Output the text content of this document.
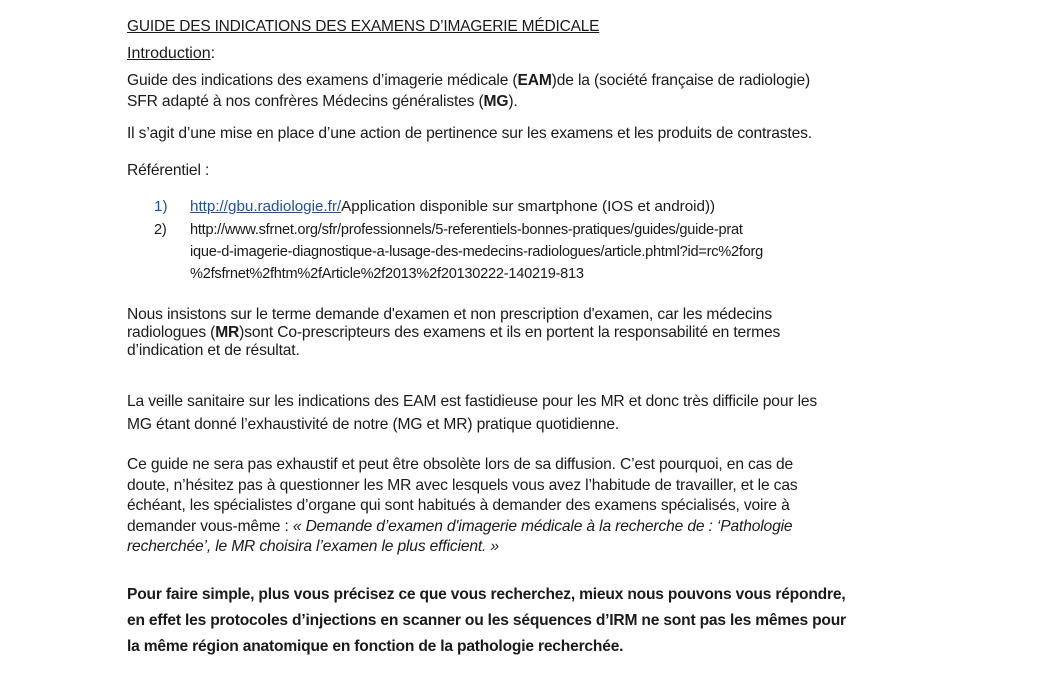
GUIDE DES INDICATIONS DES EXAMENS D’IMAGERIE MÉDICALE
Introduction:
Guide des indications des examens d’imagerie médicale (EAM)de la (société française de radiologie)
SFR adapté à nos confrères Médecins généralistes (MG).
Il s’agit d’une mise en place d’une action de pertinence sur les examens et les produits de contrastes.
Référentiel :
1) http://gbu.radiologie.fr/Application disponible sur smartphone (IOS et android))
2) http://www.sfrnet.org/sfr/professionnels/5-referentiels-bonnes-pratiques/guides/guide-prat
ique-d-imagerie-diagnostique-a-lusage-des-medecins-radiologues/article.phtml?id=rc%2forg
%2fsfrnet%2fhtm%2fArticle%2f2013%2f20130222-140219-813
Nous insistons sur le terme demande d'examen et non prescription d'examen, car les médecins
radiologues (MR)sont Co-prescripteurs des examens et ils en portent la responsabilité en termes
d’indication et de résultat.
La veille sanitaire sur les indications des EAM est fastidieuse pour les MR et donc très difficile pour les
MG étant donné l’exhaustivité de notre (MG et MR) pratique quotidienne.
Ce guide ne sera pas exhaustif et peut être obsolète lors de sa diffusion. C’est pourquoi, en cas de
doute, n’hésitez pas à questionner les MR avec lesquels vous avez l’habitude de travailler, et le cas
échéant, les spécialistes d’organe qui sont habitués à demander des examens spécialisés, voire à
demander vous-même : « Demande d’examen d'imagerie médicale à la recherche de : ‘Pathologie
recherchée’, le MR choisira l’examen le plus efficient. »
Pour faire simple, plus vous précisez ce que vous recherchez, mieux nous pouvons vous répondre,
en effet les protocoles d’injections en scanner ou les séquences d’IRM ne sont pas les mêmes pour
la même région anatomique en fonction de la pathologie recherchée.
